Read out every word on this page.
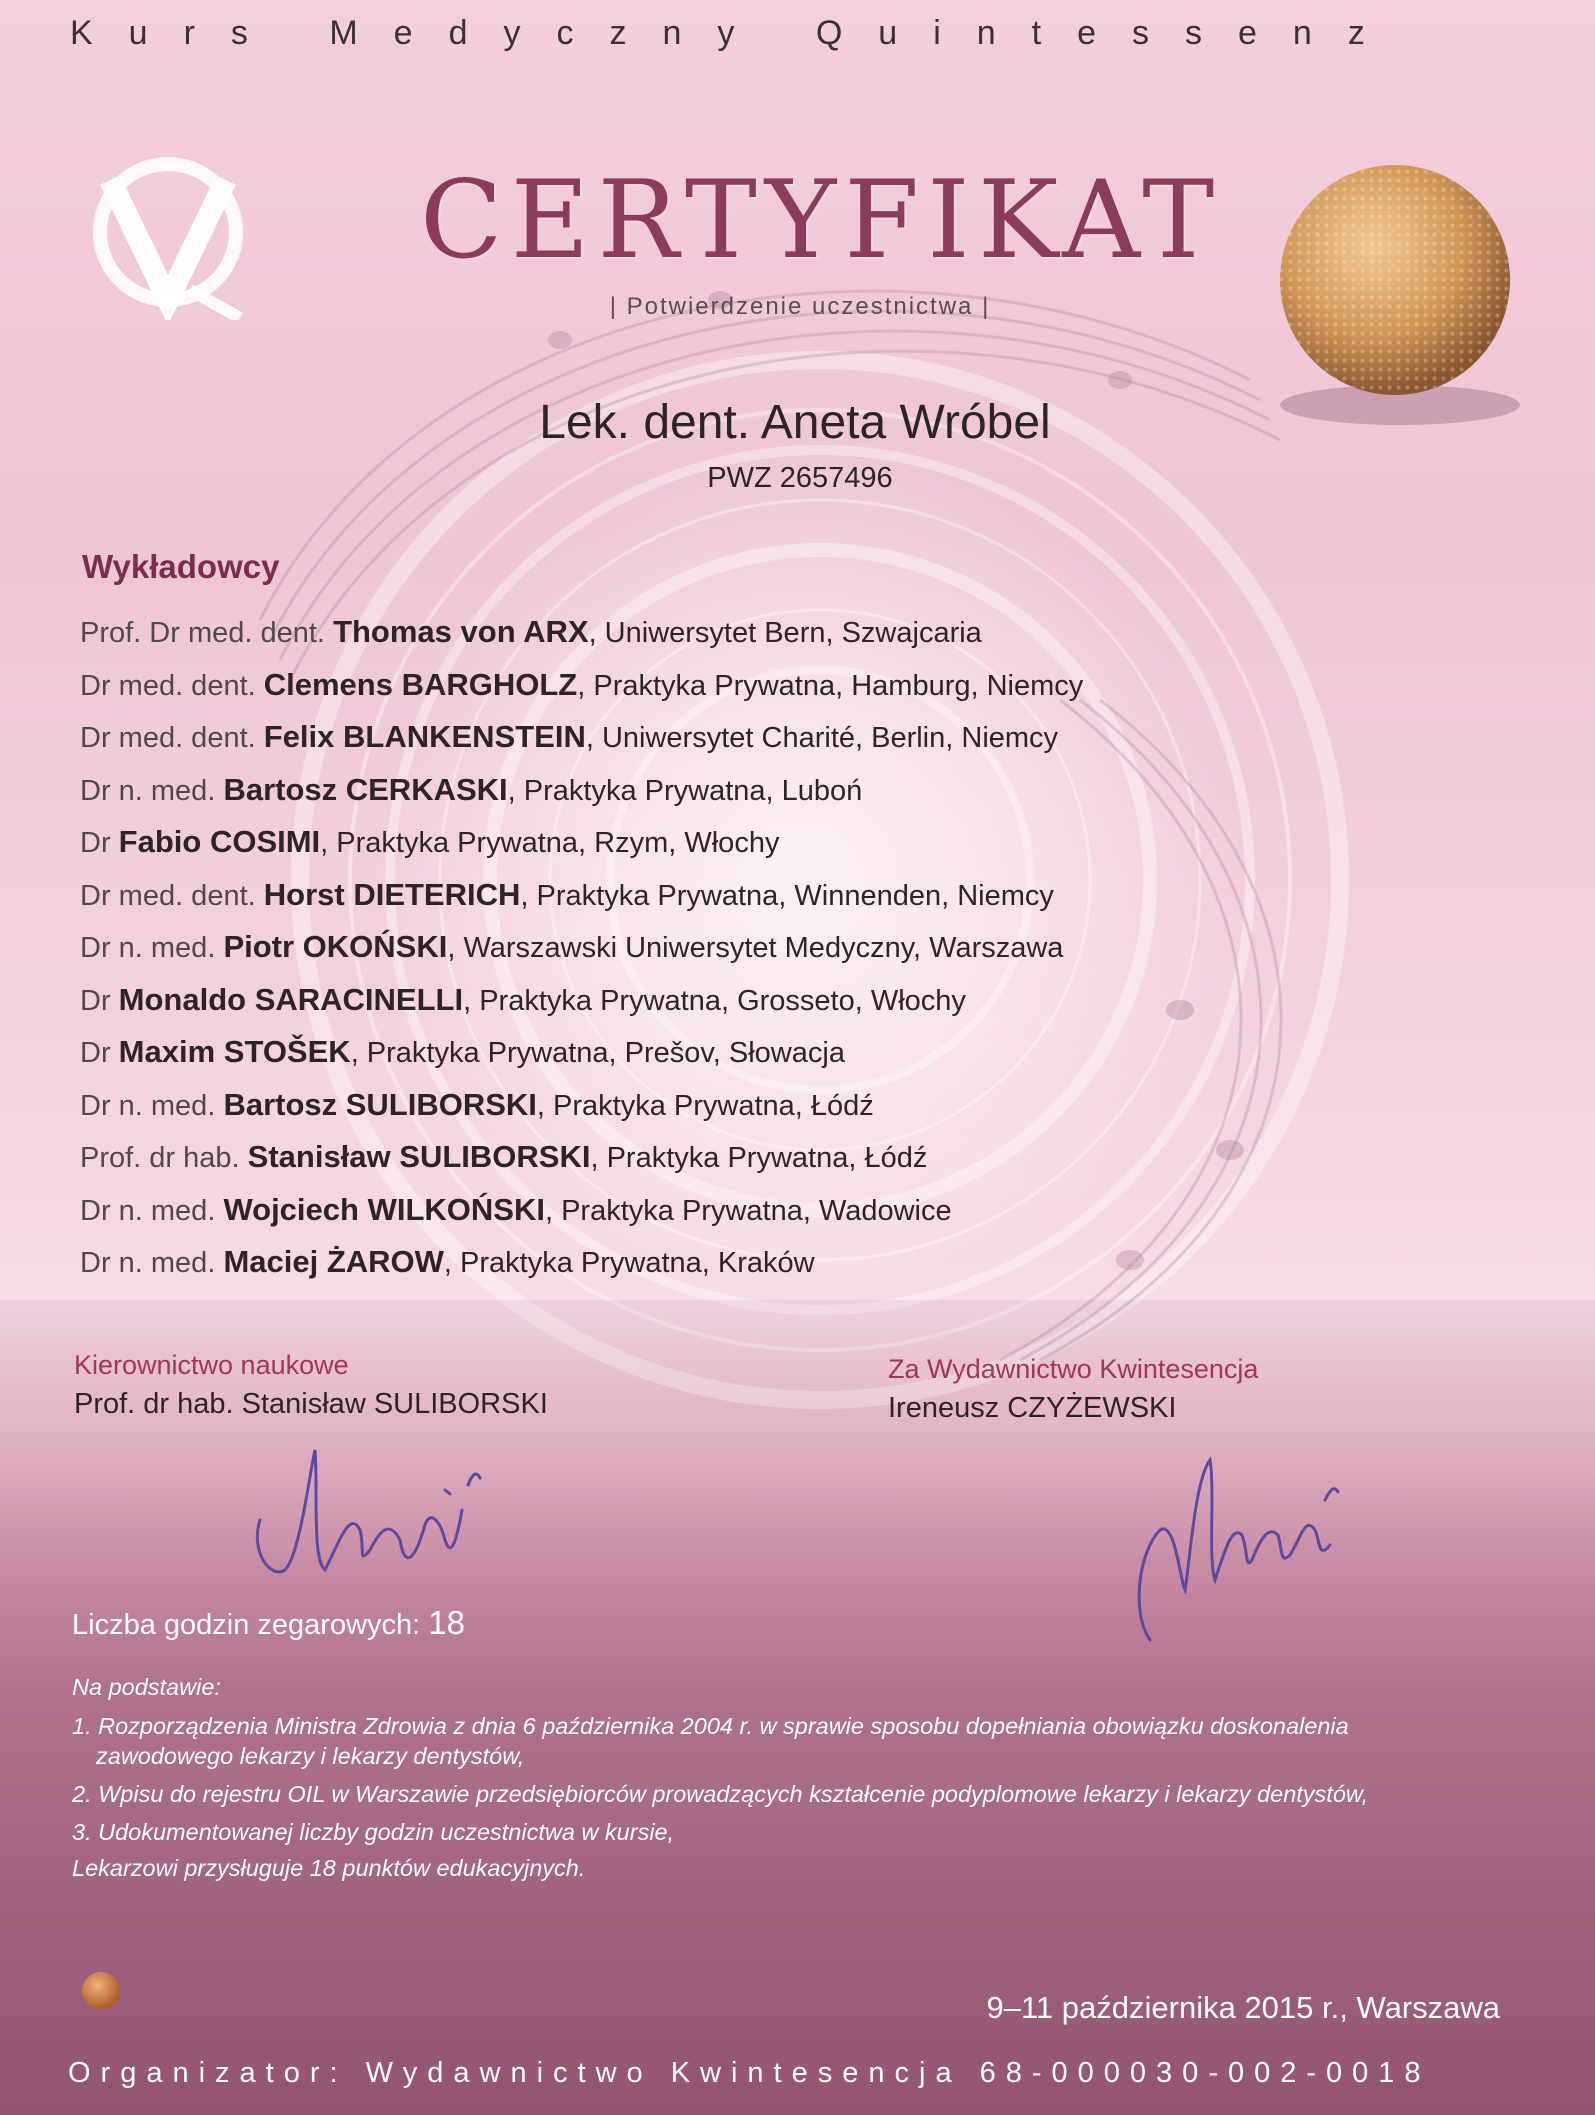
Kurs Medyczny Quintessenz
CERTYFIKAT
| Potwierdzenie uczestnictwa |
Lek. dent. Aneta Wróbel
PWZ 2657496
Wykładowcy
Prof. Dr med. dent. Thomas von ARX, Uniwersytet Bern, Szwajcaria
Dr med. dent. Clemens BARGHOLZ, Praktyka Prywatna, Hamburg, Niemcy
Dr med. dent. Felix BLANKENSTEIN, Uniwersytet Charité, Berlin, Niemcy
Dr n. med. Bartosz CERKASKI, Praktyka Prywatna, Luboń
Dr Fabio COSIMI, Praktyka Prywatna, Rzym, Włochy
Dr med. dent. Horst DIETERICH, Praktyka Prywatna, Winnenden, Niemcy
Dr n. med. Piotr OKOŃSKI, Warszawski Uniwersytet Medyczny, Warszawa
Dr Monaldo SARACINELLI, Praktyka Prywatna, Grosseto, Włochy
Dr Maxim STOŠEK, Praktyka Prywatna, Prešov, Słowacja
Dr n. med. Bartosz SULIBORSKI, Praktyka Prywatna, Łódź
Prof. dr hab. Stanisław SULIBORSKI, Praktyka Prywatna, Łódź
Dr n. med. Wojciech WILKOŃSKI, Praktyka Prywatna, Wadowice
Dr n. med. Maciej ŻAROW, Praktyka Prywatna, Kraków
Kierownictwo naukowe
Prof. dr hab. Stanisław SULIBORSKI
Za Wydawnictwo Kwintesencja
Ireneusz CZYŻEWSKI
Liczba godzin zegarowych: 18

Na podstawie:

1. Rozporządzenia Ministra Zdrowia z dnia 6 października 2004 r. w sprawie sposobu dopełniania obowiązku doskonalenia
zawodowego lekarzy i lekarzy dentystów,
2. Wpisu do rejestru OIL w Warszawie przedsiębiorców prowadzących kształcenie podyplomowe lekarzy i lekarzy dentystów,
3. Udokumentowanej liczby godzin uczestnictwa w kursie,

Lekarzowi przysługuje 18 punktów edukacyjnych.

9–11 października 2015 r., Warszawa
Organizator: Wydawnictwo Kwintesencja 68-000030-002-0018
